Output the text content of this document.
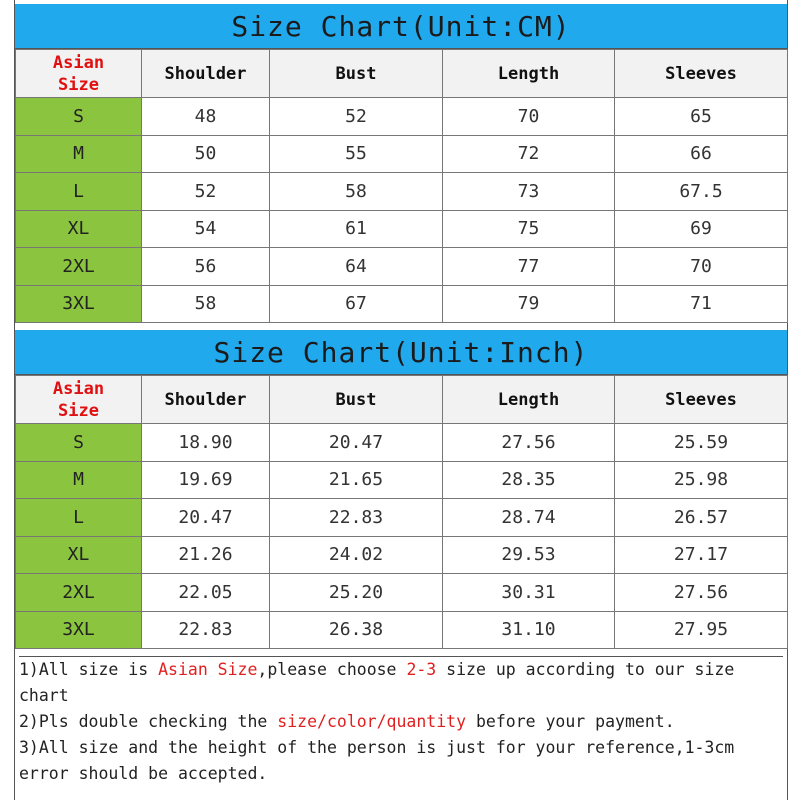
Size Chart(Unit:CM)
Asian
Size	Shoulder	Bust	Length	Sleeves
S	48	52	70	65
M	50	55	72	66
L	52	58	73	67.5
XL	54	61	75	69
2XL	56	64	77	70
3XL	58	67	79	71
Size Chart(Unit:Inch)
Asian
Size	Shoulder	Bust	Length	Sleeves
S	18.90	20.47	27.56	25.59
M	19.69	21.65	28.35	25.98
L	20.47	22.83	28.74	26.57
XL	21.26	24.02	29.53	27.17
2XL	22.05	25.20	30.31	27.56
3XL	22.83	26.38	31.10	27.95

1)All size is Asian Size,please choose 2-3 size up according to our size chart

2)Pls double checking the size/color/quantity before your payment.

3)All size and the height of the person is just for your reference,1-3cm error should be accepted.
